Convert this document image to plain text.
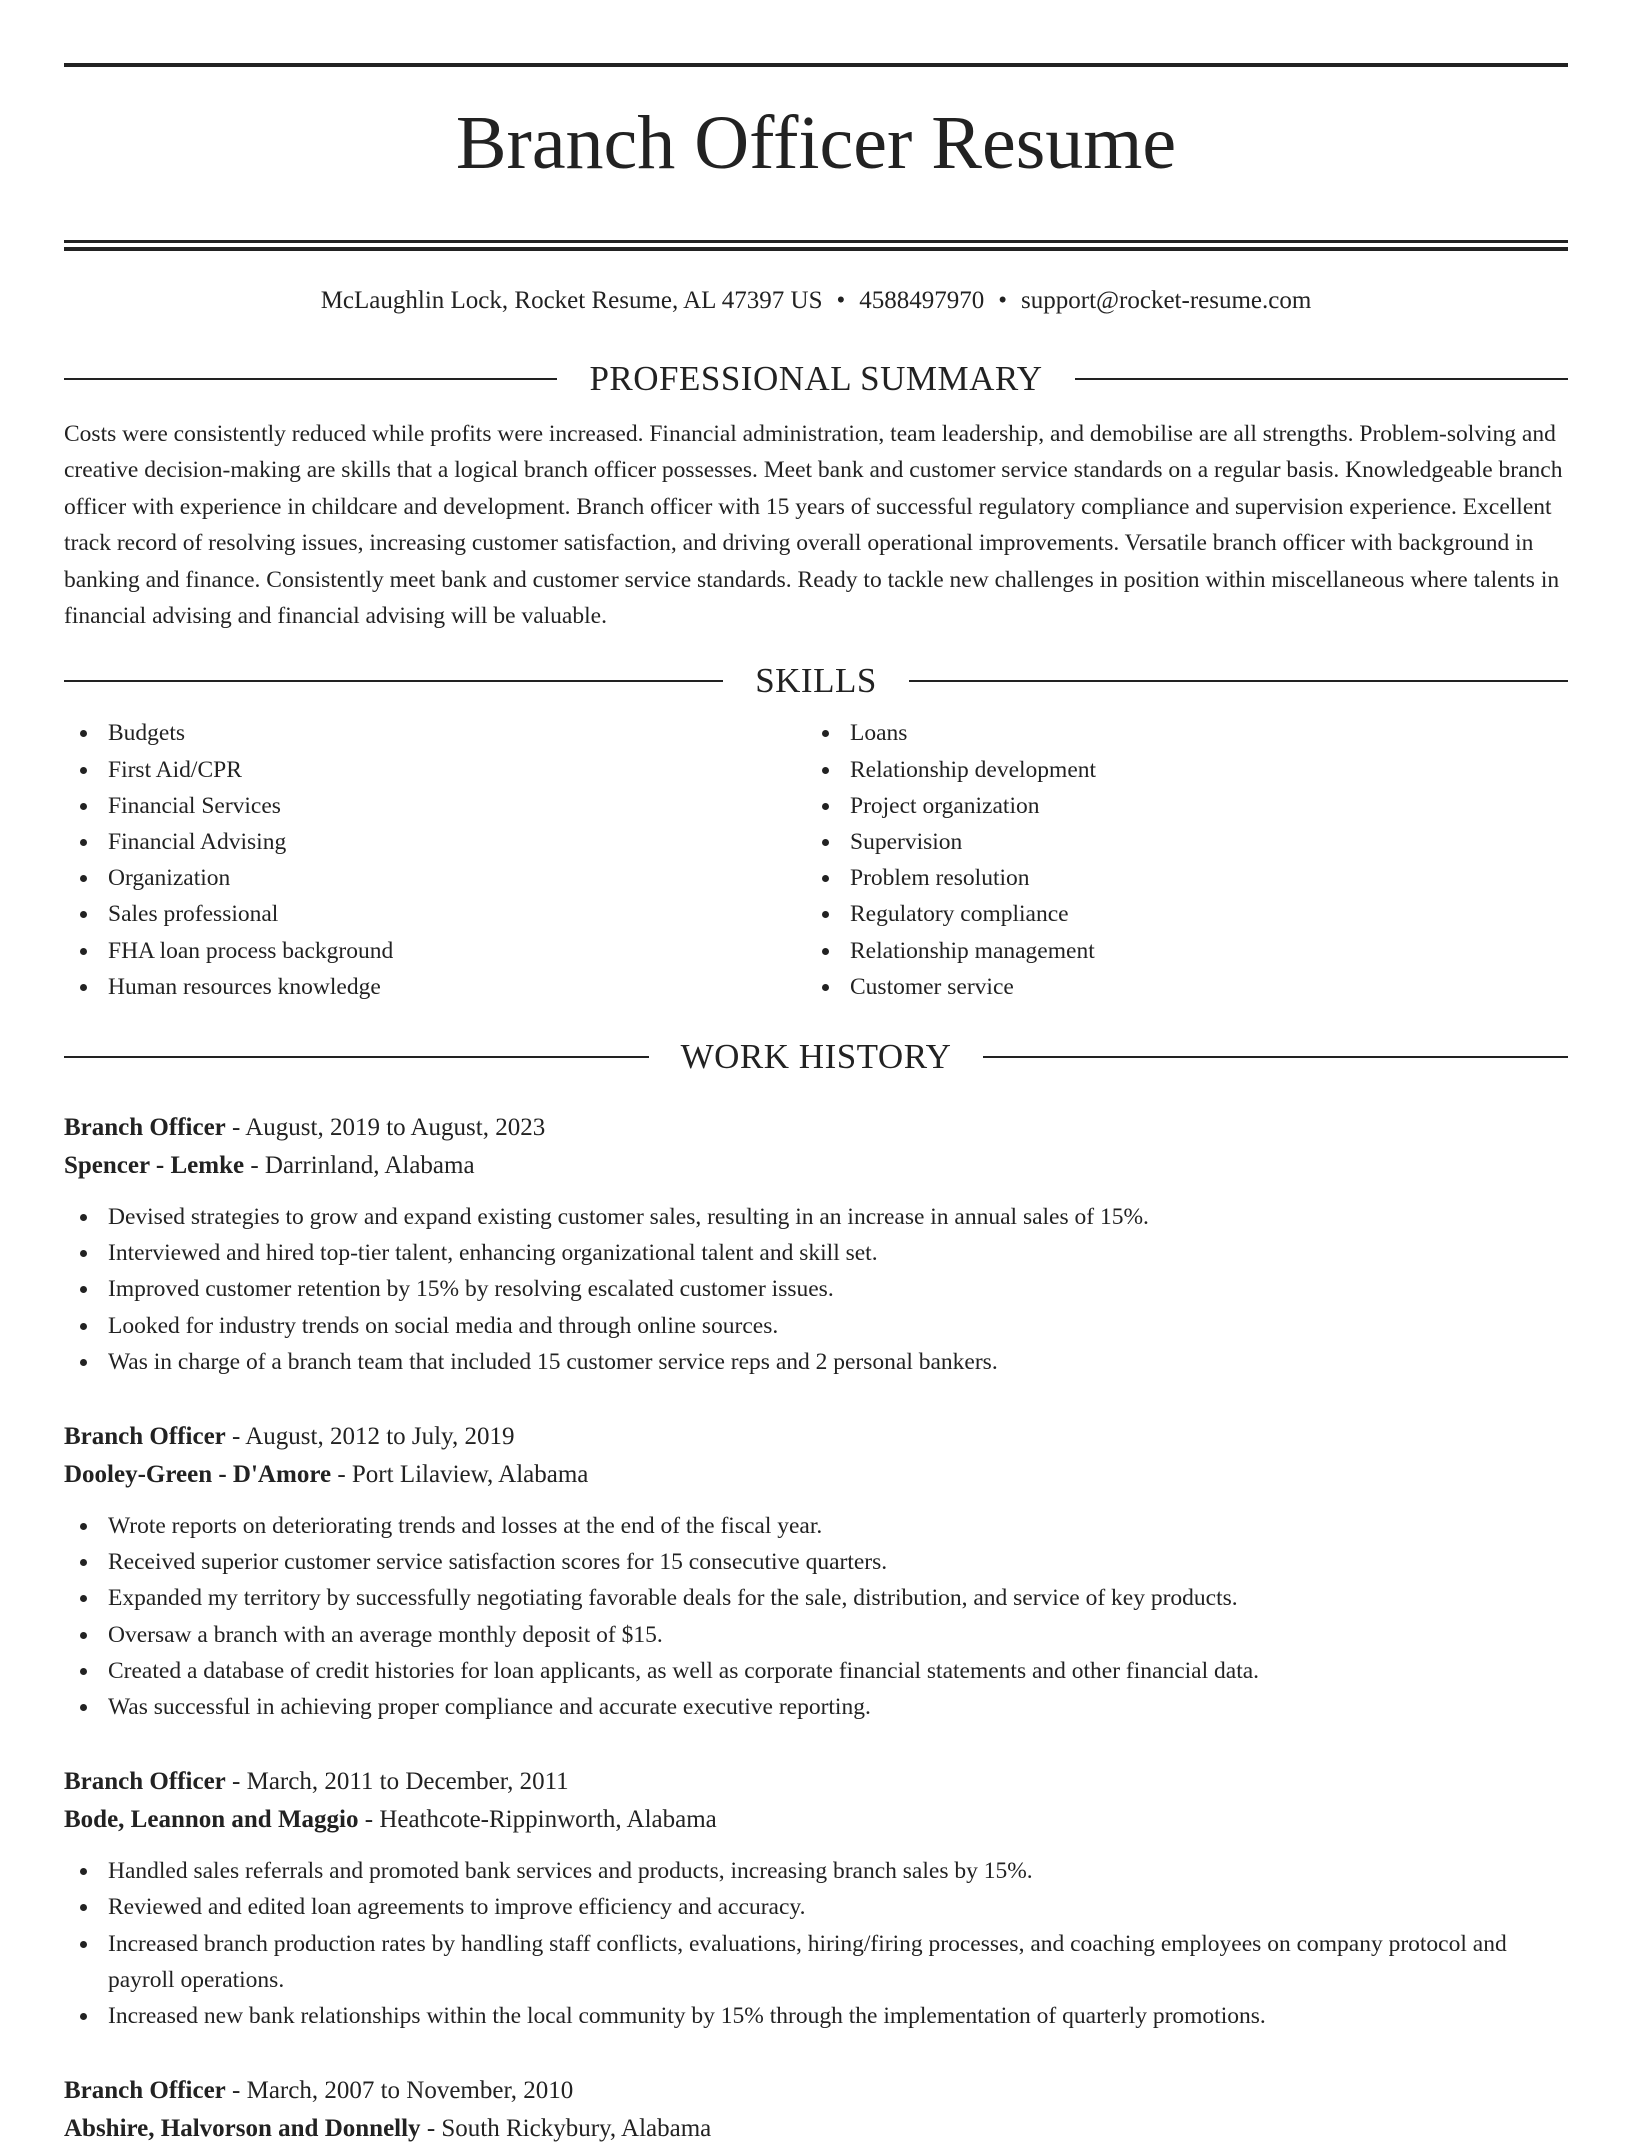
Branch Officer Resume
McLaughlin Lock, Rocket Resume, AL 47397 US • 4588497970 • support@rocket-resume.com
PROFESSIONAL SUMMARY

Costs were consistently reduced while profits were increased. Financial administration, team leadership, and demobilise are all strengths. Problem-solving and creative decision-making are skills that a logical branch officer possesses. Meet bank and customer service standards on a regular basis. Knowledgeable branch officer with experience in childcare and development. Branch officer with 15 years of successful regulatory compliance and supervision experience. Excellent track record of resolving issues, increasing customer satisfaction, and driving overall operational improvements. Versatile branch officer with background in banking and finance. Consistently meet bank and customer service standards. Ready to tackle new challenges in position within miscellaneous where talents in financial advising and financial advising will be valuable.

SKILLS
Budgets
First Aid/CPR
Financial Services
Financial Advising
Organization
Sales professional
FHA loan process background
Human resources knowledge
Loans
Relationship development
Project organization
Supervision
Problem resolution
Regulatory compliance
Relationship management
Customer service
WORK HISTORY
Branch Officer - August, 2019 to August, 2023
Spencer - Lemke - Darrinland, Alabama
Devised strategies to grow and expand existing customer sales, resulting in an increase in annual sales of 15%.
Interviewed and hired top-tier talent, enhancing organizational talent and skill set.
Improved customer retention by 15% by resolving escalated customer issues.
Looked for industry trends on social media and through online sources.
Was in charge of a branch team that included 15 customer service reps and 2 personal bankers.
Branch Officer - August, 2012 to July, 2019
Dooley-Green - D'Amore - Port Lilaview, Alabama
Wrote reports on deteriorating trends and losses at the end of the fiscal year.
Received superior customer service satisfaction scores for 15 consecutive quarters.
Expanded my territory by successfully negotiating favorable deals for the sale, distribution, and service of key products.
Oversaw a branch with an average monthly deposit of $15.
Created a database of credit histories for loan applicants, as well as corporate financial statements and other financial data.
Was successful in achieving proper compliance and accurate executive reporting.
Branch Officer - March, 2011 to December, 2011
Bode, Leannon and Maggio - Heathcote-Rippinworth, Alabama
Handled sales referrals and promoted bank services and products, increasing branch sales by 15%.
Reviewed and edited loan agreements to improve efficiency and accuracy.
Increased branch production rates by handling staff conflicts, evaluations, hiring/firing processes, and coaching employees on company protocol and payroll operations.
Increased new bank relationships within the local community by 15% through the implementation of quarterly promotions.
Branch Officer - March, 2007 to November, 2010
Abshire, Halvorson and Donnelly - South Rickybury, Alabama
